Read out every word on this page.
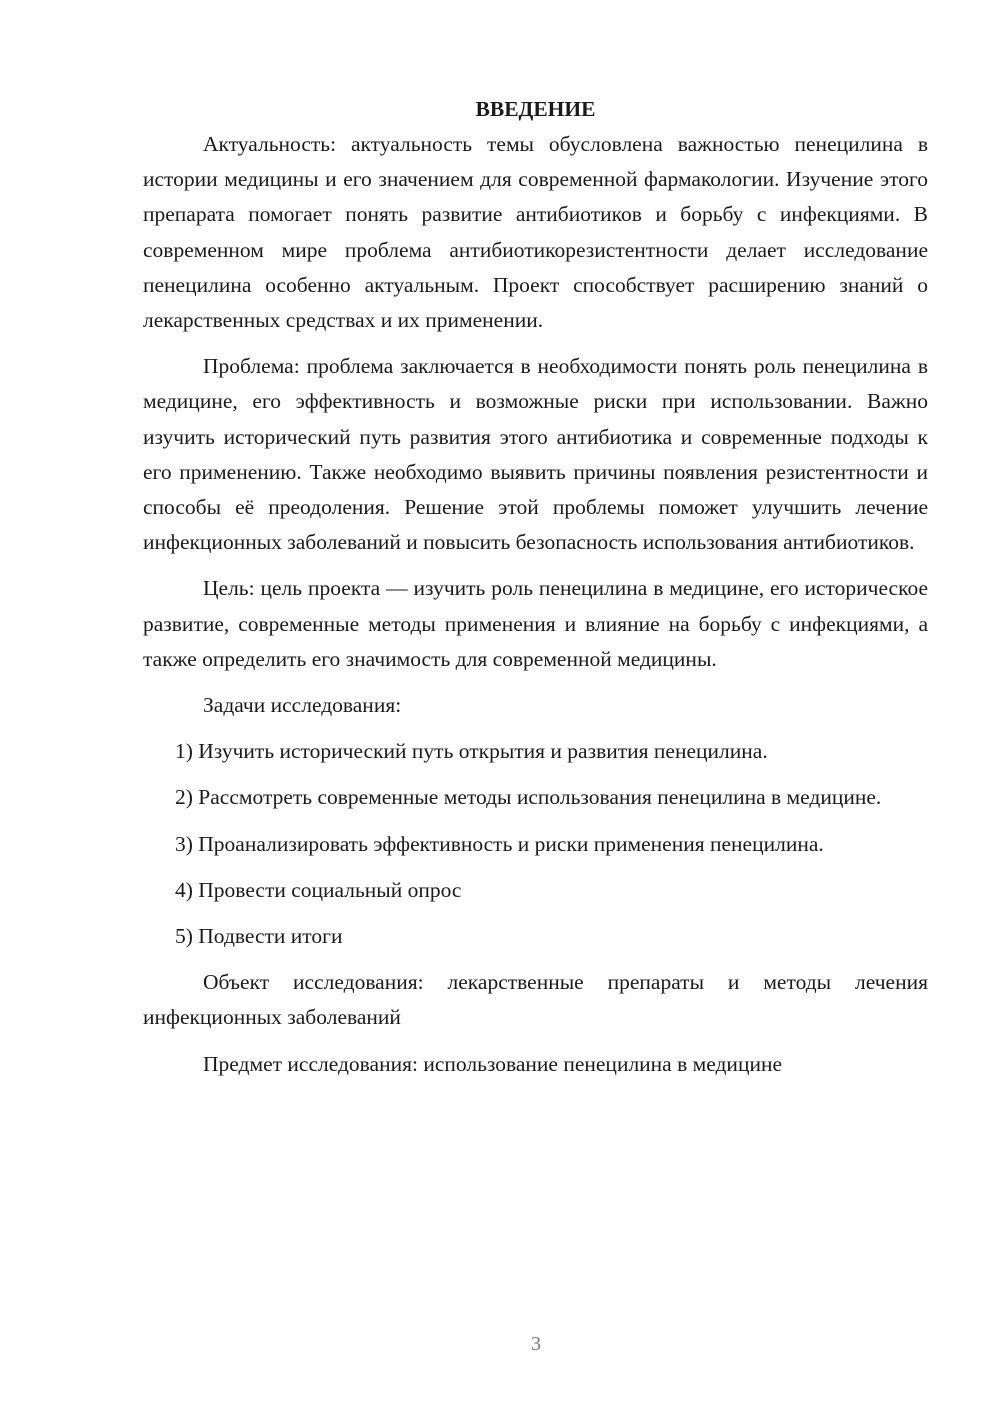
ВВЕДЕНИЕ

Актуальность: актуальность темы обусловлена важностью пенецилина в истории медицины и его значением для современной фармакологии. Изучение этого препарата помогает понять развитие антибиотиков и борьбу с инфекциями. В современном мире проблема антибиотикорезистентности делает исследование пенецилина особенно актуальным. Проект способствует расширению знаний о лекарственных средствах и их применении.

Проблема: проблема заключается в необходимости понять роль пенецилина в медицине, его эффективность и возможные риски при использовании. Важно изучить исторический путь развития этого антибиотика и современные подходы к его применению. Также необходимо выявить причины появления резистентности и способы её преодоления. Решение этой проблемы поможет улучшить лечение инфекционных заболеваний и повысить безопасность использования антибиотиков.

Цель: цель проекта — изучить роль пенецилина в медицине, его историческое развитие, современные методы применения и влияние на борьбу с инфекциями, а также определить его значимость для современной медицины.

Задачи исследования:

1) Изучить исторический путь открытия и развития пенецилина.

2) Рассмотреть современные методы использования пенецилина в медицине.

3) Проанализировать эффективность и риски применения пенецилина.

4) Провести социальный опрос

5) Подвести итоги

Объект исследования: лекарственные препараты и методы лечения инфекционных заболеваний

Предмет исследования: использование пенецилина в медицине

3
